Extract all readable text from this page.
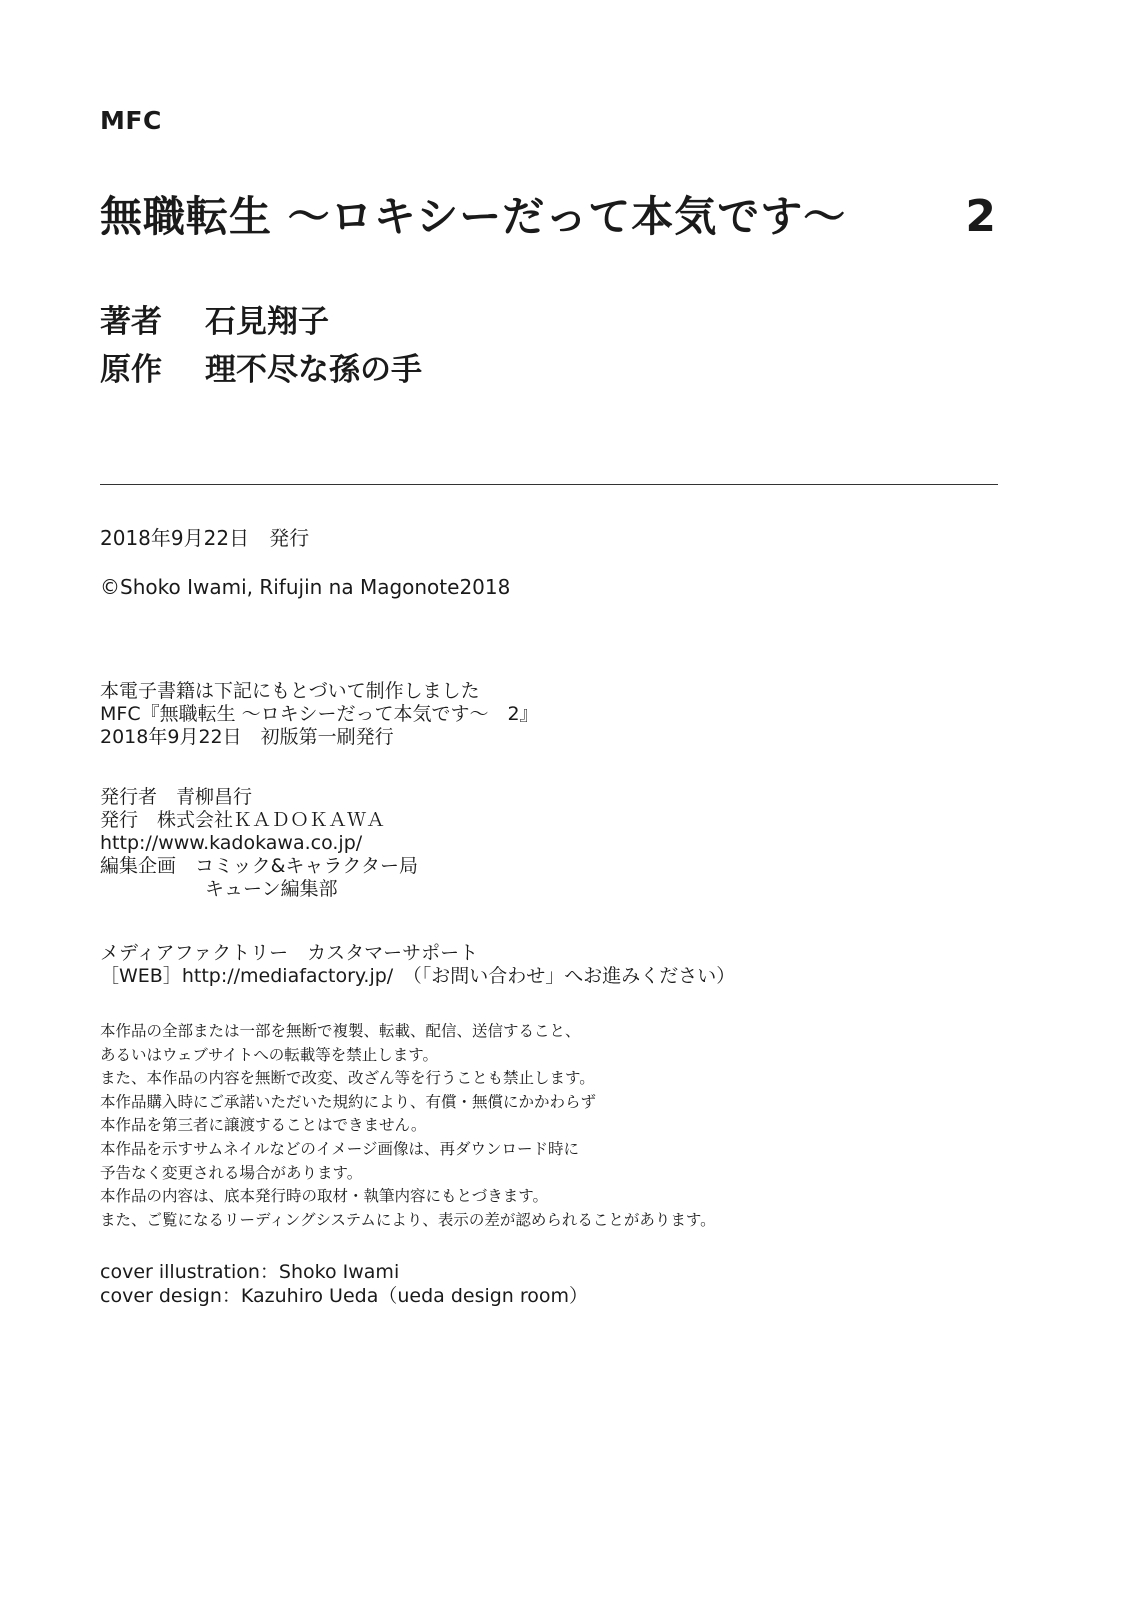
MFC
無職転生 ～ロキシーだって本気です～	2
著者 石見翔子
原作 理不尽な孫の手
2018年9月22日　発行
©Shoko Iwami, Rifujin na Magonote2018
本電子書籍は下記にもとづいて制作しました
MFC『無職転生 ～ロキシーだって本気です～　2』
2018年9月22日　初版第一刷発行
発行者　青柳昌行
発行　株式会社ＫＡＤＯＫＡＷＡ
http://www.kadokawa.co.jp/
編集企画　コミック&キャラクター局
キューン編集部
メディアファクトリー　カスタマーサポート
［WEB］http://mediafactory.jp/　（「お問い合わせ」へお進みください）
本作品の全部または一部を無断で複製、転載、配信、送信すること、
あるいはウェブサイトへの転載等を禁止します。
また、本作品の内容を無断で改変、改ざん等を行うことも禁止します。
本作品購入時にご承諾いただいた規約により、有償・無償にかかわらず
本作品を第三者に譲渡することはできません。
本作品を示すサムネイルなどのイメージ画像は、再ダウンロード時に
予告なく変更される場合があります。
本作品の内容は、底本発行時の取材・執筆内容にもとづきます。
また、ご覧になるリーディングシステムにより、表示の差が認められることがあります。
cover illustration：Shoko Iwami
cover design：Kazuhiro Ueda（ueda design room）
